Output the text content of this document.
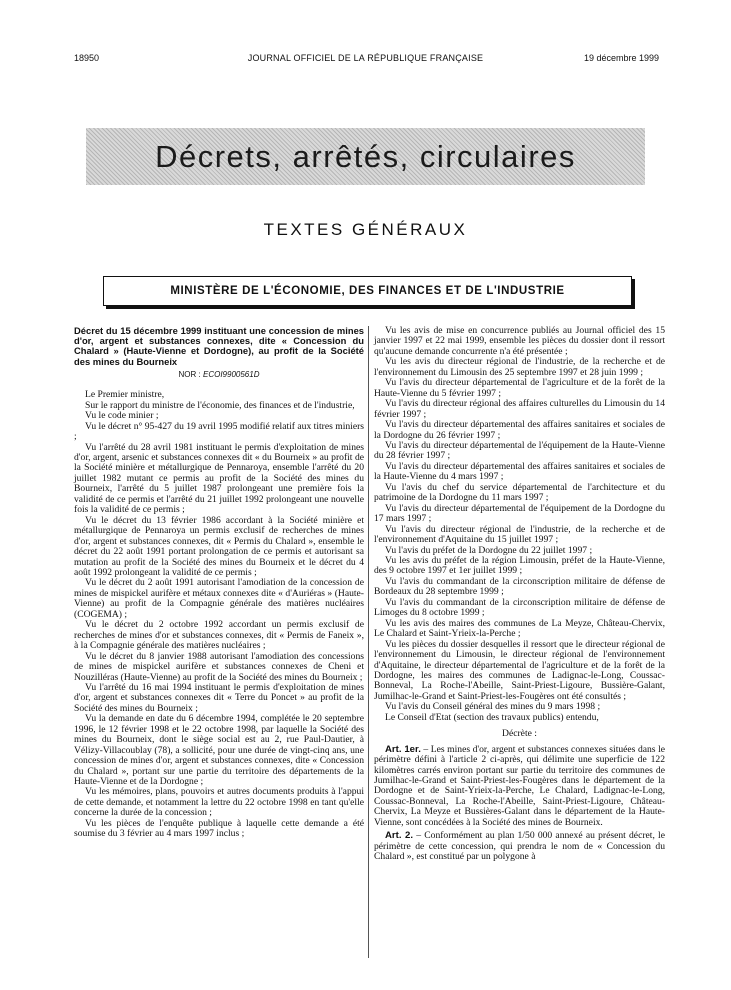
18950	JOURNAL OFFICIEL DE LA RÉPUBLIQUE FRANÇAISE	19 décembre 1999
Décrets, arrêtés, circulaires
TEXTES GÉNÉRAUX
MINISTÈRE DE L'ÉCONOMIE, DES FINANCES ET DE L'INDUSTRIE
Décret du 15 décembre 1999 instituant une concession de mines d'or, argent et substances connexes, dite « Concession du Chalard » (Haute-Vienne et Dordogne), au profit de la Société des mines du Bourneix
NOR : ECOI9900561D

Le Premier ministre,

Sur le rapport du ministre de l'économie, des finances et de l'industrie,

Vu le code minier ;

Vu le décret n° 95-427 du 19 avril 1995 modifié relatif aux titres miniers ;

Vu l'arrêté du 28 avril 1981 instituant le permis d'exploitation de mines d'or, argent, arsenic et substances connexes dit « du Bourneix » au profit de la Société minière et métallurgique de Pennaroya, ensemble l'arrêté du 20 juillet 1982 mutant ce permis au profit de la Société des mines du Bourneix, l'arrêté du 5 juillet 1987 prolongeant une première fois la validité de ce permis et l'arrêté du 21 juillet 1992 prolongeant une nouvelle fois la validité de ce permis ;

Vu le décret du 13 février 1986 accordant à la Société minière et métallurgique de Pennaroya un permis exclusif de recherches de mines d'or, argent et substances connexes, dit « Permis du Chalard », ensemble le décret du 22 août 1991 portant prolongation de ce permis et autorisant sa mutation au profit de la Société des mines du Bourneix et le décret du 4 août 1992 prolongeant la validité de ce permis ;

Vu le décret du 2 août 1991 autorisant l'amodiation de la concession de mines de mispickel aurifère et métaux connexes dite « d'Auriéras » (Haute-Vienne) au profit de la Compagnie générale des matières nucléaires (COGEMA) ;

Vu le décret du 2 octobre 1992 accordant un permis exclusif de recherches de mines d'or et substances connexes, dit « Permis de Faneix », à la Compagnie générale des matières nucléaires ;

Vu le décret du 8 janvier 1988 autorisant l'amodiation des concessions de mines de mispickel aurifère et substances connexes de Cheni et Nouzilléras (Haute-Vienne) au profit de la Société des mines du Bourneix ;

Vu l'arrêté du 16 mai 1994 instituant le permis d'exploitation de mines d'or, argent et substances connexes dit « Terre du Poncet » au profit de la Société des mines du Bourneix ;

Vu la demande en date du 6 décembre 1994, complétée le 20 septembre 1996, le 12 février 1998 et le 22 octobre 1998, par laquelle la Société des mines du Bourneix, dont le siège social est au 2, rue Paul-Dautier, à Vélizy-Villacoublay (78), a sollicité, pour une durée de vingt-cinq ans, une concession de mines d'or, argent et substances connexes, dite « Concession du Chalard », portant sur une partie du territoire des départements de la Haute-Vienne et de la Dordogne ;

Vu les mémoires, plans, pouvoirs et autres documents produits à l'appui de cette demande, et notamment la lettre du 22 octobre 1998 en tant qu'elle concerne la durée de la concession ;

Vu les pièces de l'enquête publique à laquelle cette demande a été soumise du 3 février au 4 mars 1997 inclus ;

Vu les avis de mise en concurrence publiés au Journal officiel des 15 janvier 1997 et 22 mai 1999, ensemble les pièces du dossier dont il ressort qu'aucune demande concurrente n'a été présentée ;

Vu les avis du directeur régional de l'industrie, de la recherche et de l'environnement du Limousin des 25 septembre 1997 et 28 juin 1999 ;

Vu l'avis du directeur départemental de l'agriculture et de la forêt de la Haute-Vienne du 5 février 1997 ;

Vu l'avis du directeur régional des affaires culturelles du Limousin du 14 février 1997 ;

Vu l'avis du directeur départemental des affaires sanitaires et sociales de la Dordogne du 26 février 1997 ;

Vu l'avis du directeur départemental de l'équipement de la Haute-Vienne du 28 février 1997 ;

Vu l'avis du directeur départemental des affaires sanitaires et sociales de la Haute-Vienne du 4 mars 1997 ;

Vu l'avis du chef du service départemental de l'architecture et du patrimoine de la Dordogne du 11 mars 1997 ;

Vu l'avis du directeur départemental de l'équipement de la Dordogne du 17 mars 1997 ;

Vu l'avis du directeur régional de l'industrie, de la recherche et de l'environnement d'Aquitaine du 15 juillet 1997 ;

Vu l'avis du préfet de la Dordogne du 22 juillet 1997 ;

Vu les avis du préfet de la région Limousin, préfet de la Haute-Vienne, des 9 octobre 1997 et 1er juillet 1999 ;

Vu l'avis du commandant de la circonscription militaire de défense de Bordeaux du 28 septembre 1999 ;

Vu l'avis du commandant de la circonscription militaire de défense de Limoges du 8 octobre 1999 ;

Vu les avis des maires des communes de La Meyze, Château-Chervix, Le Chalard et Saint-Yrieix-la-Perche ;

Vu les pièces du dossier desquelles il ressort que le directeur régional de l'environnement du Limousin, le directeur régional de l'environnement d'Aquitaine, le directeur départemental de l'agriculture et de la forêt de la Dordogne, les maires des communes de Ladignac-le-Long, Coussac-Bonneval, La Roche-l'Abeille, Saint-Priest-Ligoure, Bussière-Galant, Jumilhac-le-Grand et Saint-Priest-les-Fougères ont été consultés ;

Vu l'avis du Conseil général des mines du 9 mars 1998 ;

Le Conseil d'Etat (section des travaux publics) entendu,

Décrète :

Art. 1er. – Les mines d'or, argent et substances connexes situées dans le périmètre défini à l'article 2 ci-après, qui délimite une superficie de 122 kilomètres carrés environ portant sur partie du territoire des communes de Jumilhac-le-Grand et Saint-Priest-les-Fougères dans le département de la Dordogne et de Saint-Yrieix-la-Perche, Le Chalard, Ladignac-le-Long, Coussac-Bonneval, La Roche-l'Abeille, Saint-Priest-Ligoure, Château-Chervix, La Meyze et Bussières-Galant dans le département de la Haute-Vienne, sont concédées à la Société des mines de Bourneix.

Art. 2. – Conformément au plan 1/50 000 annexé au présent décret, le périmètre de cette concession, qui prendra le nom de « Concession du Chalard », est constitué par un polygone à
